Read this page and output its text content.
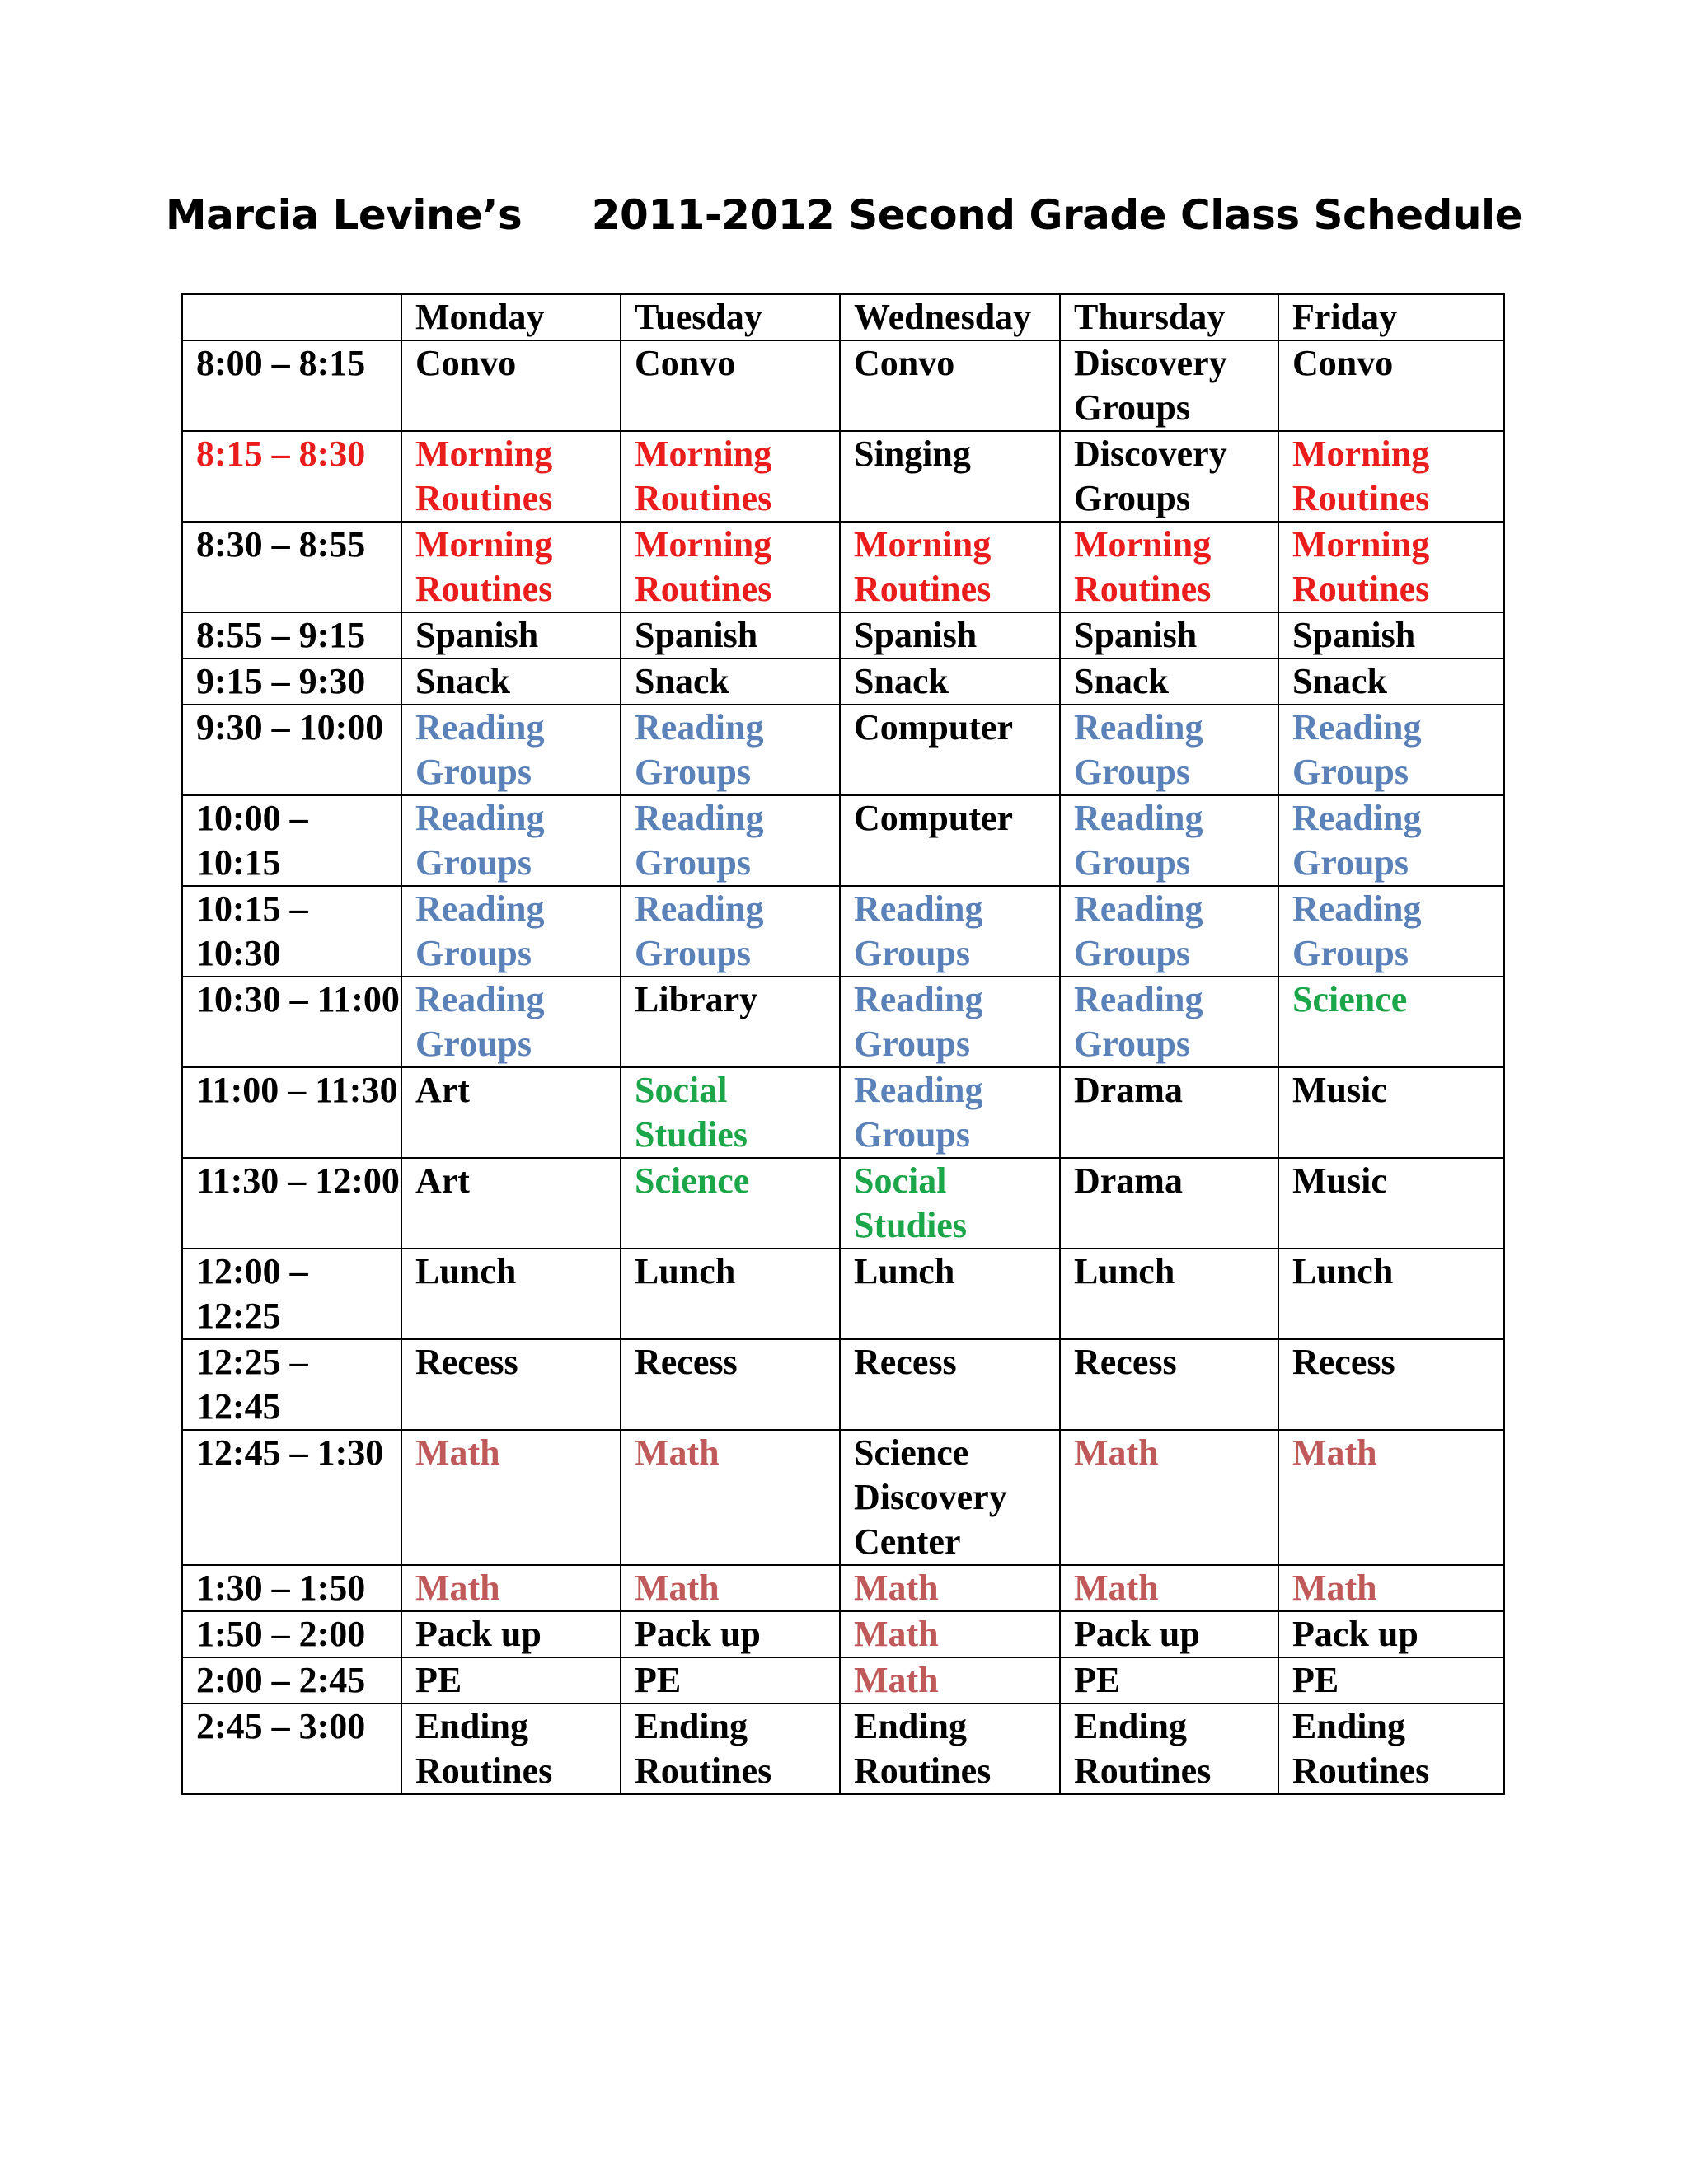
Marcia Levine’s     2011-2012 Second Grade Class Schedule
	Monday	Tuesday	Wednesday	Thursday	Friday
8:00 – 8:15	Convo	Convo	Convo	Discovery Groups	Convo
8:15 – 8:30	Morning Routines	Morning Routines	Singing	Discovery Groups	Morning Routines
8:30 – 8:55	Morning Routines	Morning Routines	Morning Routines	Morning Routines	Morning Routines
8:55 – 9:15	Spanish	Spanish	Spanish	Spanish	Spanish
9:15 – 9:30	Snack	Snack	Snack	Snack	Snack
9:30 – 10:00	Reading Groups	Reading Groups	Computer	Reading Groups	Reading Groups
10:00 – 10:15	Reading Groups	Reading Groups	Computer	Reading Groups	Reading Groups
10:15 – 10:30	Reading Groups	Reading Groups	Reading Groups	Reading Groups	Reading Groups
10:30 – 11:00	Reading Groups	Library	Reading Groups	Reading Groups	Science
11:00 – 11:30	Art	Social Studies	Reading Groups	Drama	Music
11:30 – 12:00	Art	Science	Social Studies	Drama	Music
12:00 – 12:25	Lunch	Lunch	Lunch	Lunch	Lunch
12:25 – 12:45	Recess	Recess	Recess	Recess	Recess
12:45 – 1:30	Math	Math	Science Discovery Center	Math	Math
1:30 – 1:50	Math	Math	Math	Math	Math
1:50 – 2:00	Pack up	Pack up	Math	Pack up	Pack up
2:00 – 2:45	PE	PE	Math	PE	PE
2:45 – 3:00	Ending Routines	Ending Routines	Ending Routines	Ending Routines	Ending Routines
